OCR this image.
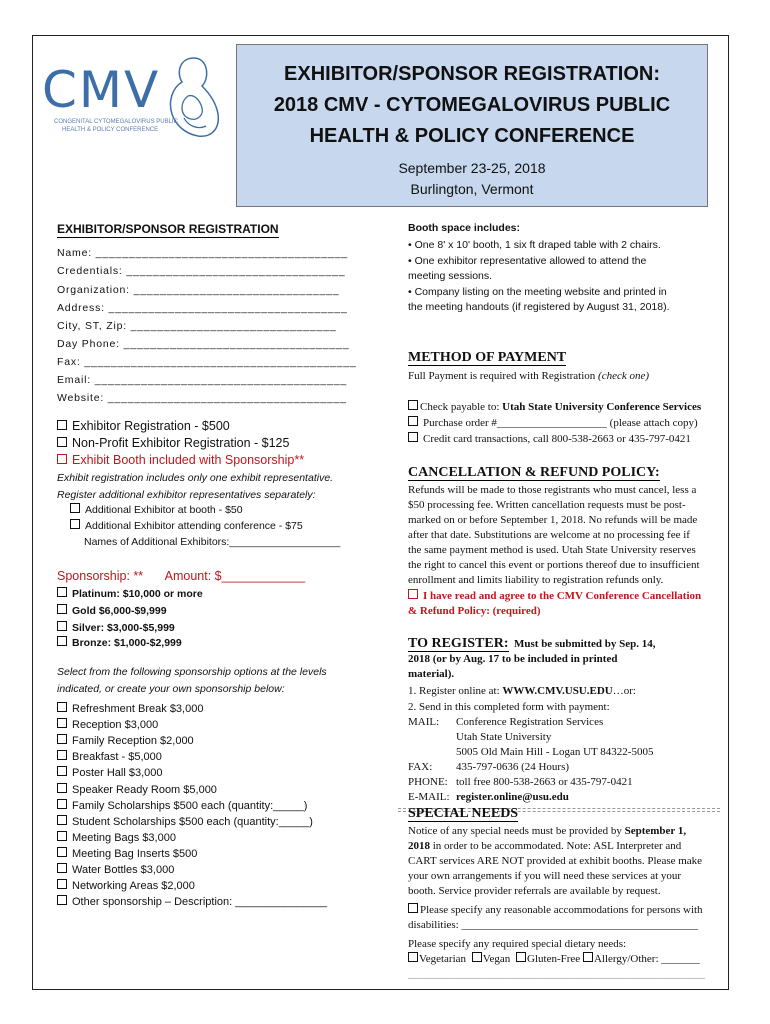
CMV
CONGENITAL CYTOMEGALOVIRUS PUBLIC
HEALTH & POLICY CONFERENCE
EXHIBITOR/SPONSOR REGISTRATION:
2018 CMV - CYTOMEGALOVIRUS PUBLIC
HEALTH & POLICY CONFERENCE
September 23-25, 2018
Burlington, Vermont
EXHIBITOR/SPONSOR REGISTRATION
Name: ______________________________________
Credentials: _________________________________
Organization: _______________________________
Address: ____________________________________
City, ST, Zip: _______________________________
Day Phone: __________________________________
Fax: _________________________________________
Email: ______________________________________
Website: ____________________________________
Exhibitor Registration - $500
Non-Profit Exhibitor Registration - $125
Exhibit Booth included with Sponsorship**
Exhibit registration includes only one exhibit representative.
Register additional exhibitor representatives separately:
Additional Exhibitor at booth - $50
Additional Exhibitor attending conference - $75
Names of Additional Exhibitors:___________________
Sponsorship: ** Amount: $____________
Platinum: $10,000 or more
Gold $6,000-$9,999
Silver: $3,000-$5,999
Bronze: $1,000-$2,999
Select from the following sponsorship options at the levels
indicated, or create your own sponsorship below:
Refreshment Break $3,000
Reception $3,000
Family Reception $2,000
Breakfast - $5,000
Poster Hall $3,000
Speaker Ready Room $5,000
Family Scholarships $500 each (quantity:_____)
Student Scholarships $500 each (quantity:_____)
Meeting Bags $3,000
Meeting Bag Inserts $500
Water Bottles $3,000
Networking Areas $2,000
Other sponsorship – Description: _______________
Booth space includes:
• One 8' x 10' booth, 1 six ft draped table with 2 chairs.
• One exhibitor representative allowed to attend the
meeting sessions.
• Company listing on the meeting website and printed in
the meeting handouts (if registered by August 31, 2018).
METHOD OF PAYMENT
Full Payment is required with Registration (check one)
Check payable to: Utah State University Conference Services
Purchase order #____________________ (please attach copy)
Credit card transactions, call 800-538-2663 or 435-797-0421
CANCELLATION & REFUND POLICY:
Refunds will be made to those registrants who must cancel, less a
$50 processing fee. Written cancellation requests must be post-
marked on or before September 1, 2018. No refunds will be made
after that date. Substitutions are welcome at no processing fee if
the same payment method is used. Utah State University reserves
the right to cancel this event or portions thereof due to insufficient
enrollment and limits liability to registration refunds only.
I have read and agree to the CMV Conference Cancellation
& Refund Policy: (required)
TO REGISTER: Must be submitted by Sep. 14,
2018 (or by Aug. 17 to be included in printed
material).
1. Register online at: WWW.CMV.USU.EDU…or:
2. Send in this completed form with payment:
MAIL: Conference Registration Services
Utah State University
5005 Old Main Hill - Logan UT 84322-5005
FAX: 435-797-0636 (24 Hours)
PHONE: toll free 800-538-2663 or 435-797-0421
E-MAIL: register.online@usu.edu
SPECIAL NEEDS
Notice of any special needs must be provided by September 1,
2018 in order to be accommodated. Note: ASL Interpreter and
CART services ARE NOT provided at exhibit booths. Please make
your own arrangements if you will need these services at your
booth. Service provider referrals are available by request.
Please specify any reasonable accommodations for persons with
disabilities: ___________________________________________
Please specify any required special dietary needs:
Vegetarian Vegan Gluten-Free Allergy/Other: _______
______________________________________________________
